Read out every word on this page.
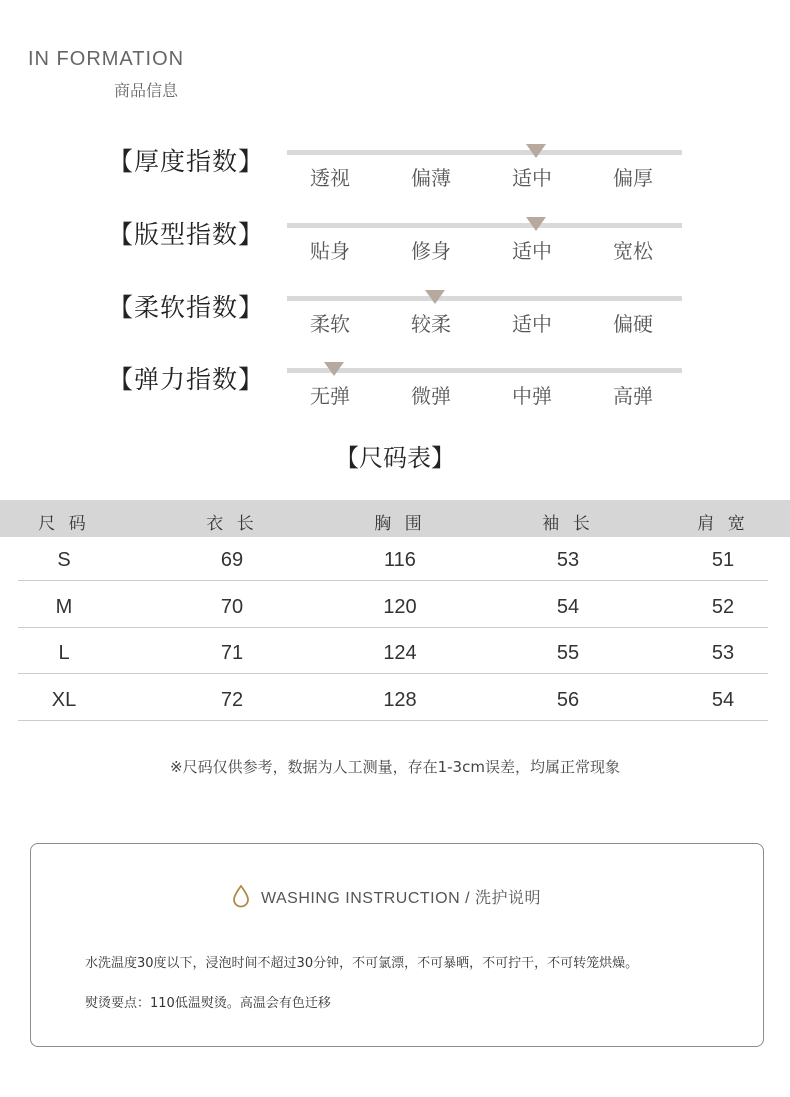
IN FORMATION
商品信息
【厚度指数】
透视	偏薄	适中	偏厚
【版型指数】
贴身	修身	适中	宽松
【柔软指数】
柔软	较柔	适中	偏硬
【弹力指数】
无弹	微弹	中弹	高弹
【尺码表】
尺 码	衣 长	胸 围	袖 长	肩 宽
S	69	116	53	51
M	70	120	54	52
L	71	124	55	53
XL	72	128	56	54
※尺码仅供参考，数据为人工测量，存在1-3cm误差，均属正常现象
WASHING INSTRUCTION / 洗护说明
水洗温度30度以下，浸泡时间不超过30分钟，不可氯漂，不可暴晒，不可拧干，不可转笼烘燥。
熨烫要点：110低温熨烫。高温会有色迁移
